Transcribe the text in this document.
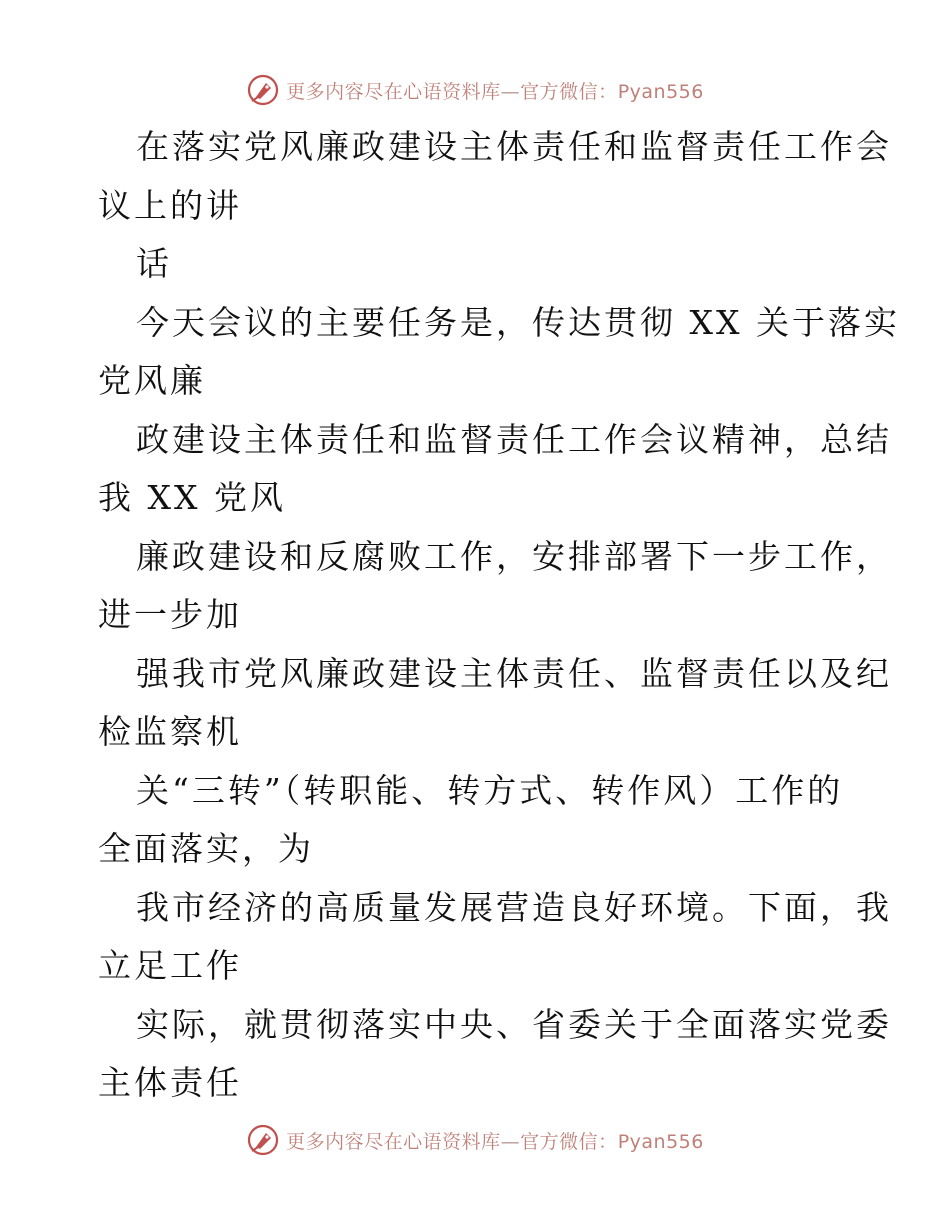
更多内容尽在心语资料库—官方微信：Pyan556
在落实党风廉政建设主体责任和监督责任工作会
议上的讲
话
今天会议的主要任务是，传达贯彻 XX 关于落实
党风廉
政建设主体责任和监督责任工作会议精神，总结
我 XX 党风
廉政建设和反腐败工作，安排部署下一步工作，
进一步加
强我市党风廉政建设主体责任、监督责任以及纪
检监察机
关“三转”（转职能、转方式、转作风）工作的
全面落实，为
我市经济的高质量发展营造良好环境。下面，我
立足工作
实际，就贯彻落实中央、省委关于全面落实党委
主体责任
更多内容尽在心语资料库—官方微信：Pyan556
